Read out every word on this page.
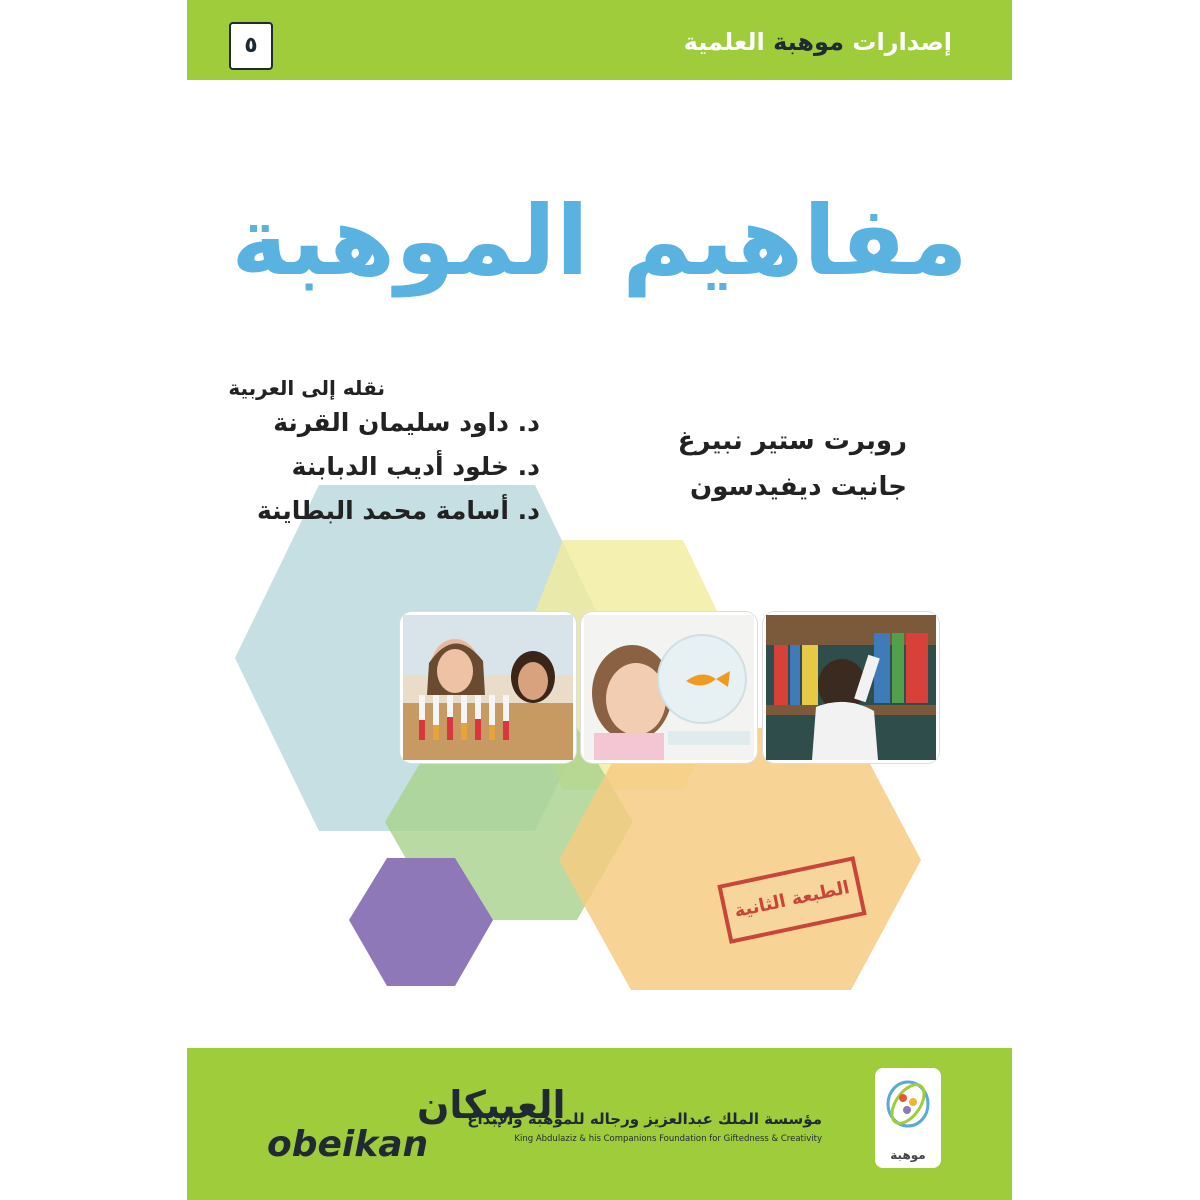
إصدارات موهبة العلمية
٥
مفاهيم الموهبة
روبرت ستير نبيرغ
جانيت ديفيدسون
نقله إلى العربية
د. داود سليمان القرنة
د. خلود أديب الدبابنة
د. أسامة محمد البطاينة
الطبعة الثانية
العبيكان
obeikan
مؤسسة الملك عبدالعزيز ورجاله للموهبة والإبداع
King Abdulaziz & his Companions Foundation for Giftedness & Creativity
موهبة
